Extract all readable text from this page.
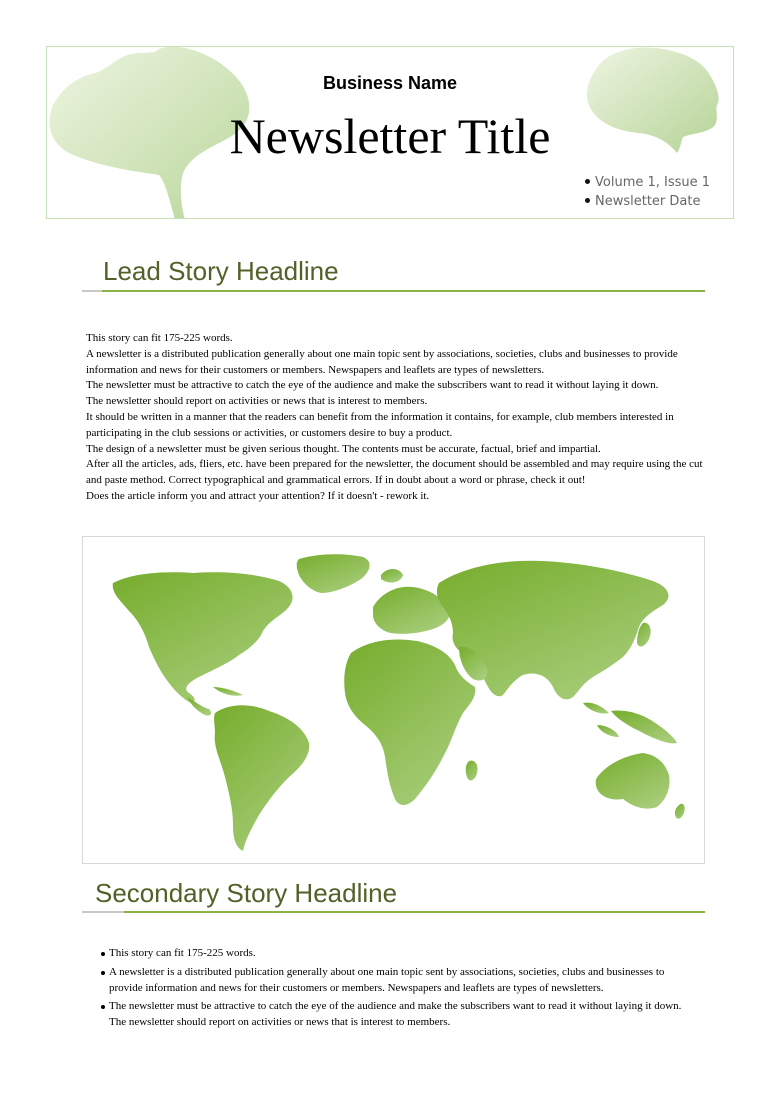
Business Name
Newsletter Title
Volume 1, Issue 1
Newsletter Date
Lead Story Headline

This story can fit 175-225 words.

A newsletter is a distributed publication generally about one main topic sent by associations, societies, clubs and businesses to provide information and news for their customers or members. Newspapers and leaflets are types of newsletters.

The newsletter must be attractive to catch the eye of the audience and make the subscribers want to read it without laying it down.

The newsletter should report on activities or news that is interest to members.

It should be written in a manner that the readers can benefit from the information it contains, for example, club members interested in participating in the club sessions or activities, or customers desire to buy a product.

The design of a newsletter must be given serious thought. The contents must be accurate, factual, brief and impartial.

After all the articles, ads, fliers, etc. have been prepared for the newsletter, the document should be assembled and may require using the cut and paste method. Correct typographical and grammatical errors. If in doubt about a word or phrase, check it out!

Does the article inform you and attract your attention? If it doesn't - rework it.

Secondary Story Headline
This story can fit 175-225 words.
A newsletter is a distributed publication generally about one main topic sent by associations, societies, clubs and businesses to provide information and news for their customers or members. Newspapers and leaflets are types of newsletters.
The newsletter must be attractive to catch the eye of the audience and make the subscribers want to read it without laying it down. The newsletter should report on activities or news that is interest to members.
